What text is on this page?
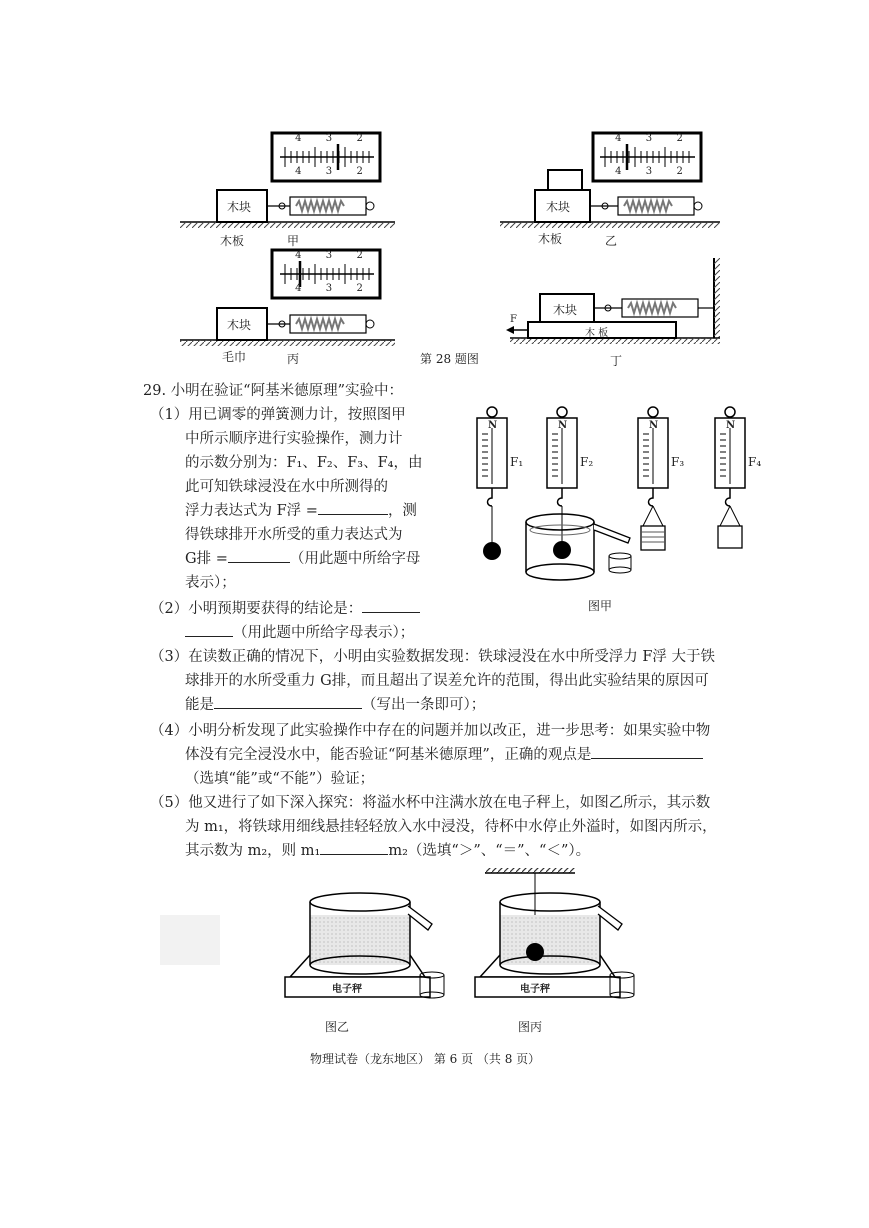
4 3 2
4 3 2
4 3 2
4 3 2
4 3 2
4 3 2
木块	木块
木块
木块
木 板
F
木板	甲	木板	乙
毛巾	丙	第 28 题图	丁
29. 小明在验证“阿基米德原理”实验中：
（1）用已调零的弹簧测力计，按照图甲
中所示顺序进行实验操作，测力计
的示数分别为：F₁、F₂、F₃、F₄，由
此可知铁球浸没在水中所测得的
浮力表达式为 F浮 =	，测
得铁球排开水所受的重力表达式为
G排 =	（用此题中所给字母
表示）；
（2）小明预期要获得的结论是：
（用此题中所给字母表示）；
（3）在读数正确的情况下，小明由实验数据发现：铁球浸没在水中所受浮力 F浮 大于铁
球排开的水所受重力 G排，而且超出了误差允许的范围，得出此实验结果的原因可
能是	（写出一条即可）；
（4）小明分析发现了此实验操作中存在的问题并加以改正，进一步思考：如果实验中物
体没有完全浸没水中，能否验证“阿基米德原理”，正确的观点是
（选填“能”或“不能”）验证；
（5）他又进行了如下深入探究：将溢水杯中注满水放在电子秤上，如图乙所示，其示数
为 m₁，将铁球用细线悬挂轻轻放入水中浸没，待杯中水停止外溢时，如图丙所示，
其示数为 m₂，则 m₁	m₂（选填“＞”、“＝”、“＜”）。
N	N	N	N
F₁	F₂	F₃	F₄
图甲
电子秤	电子秤
图乙	图丙
物理试卷（龙东地区） 第 6 页 （共 8 页）
